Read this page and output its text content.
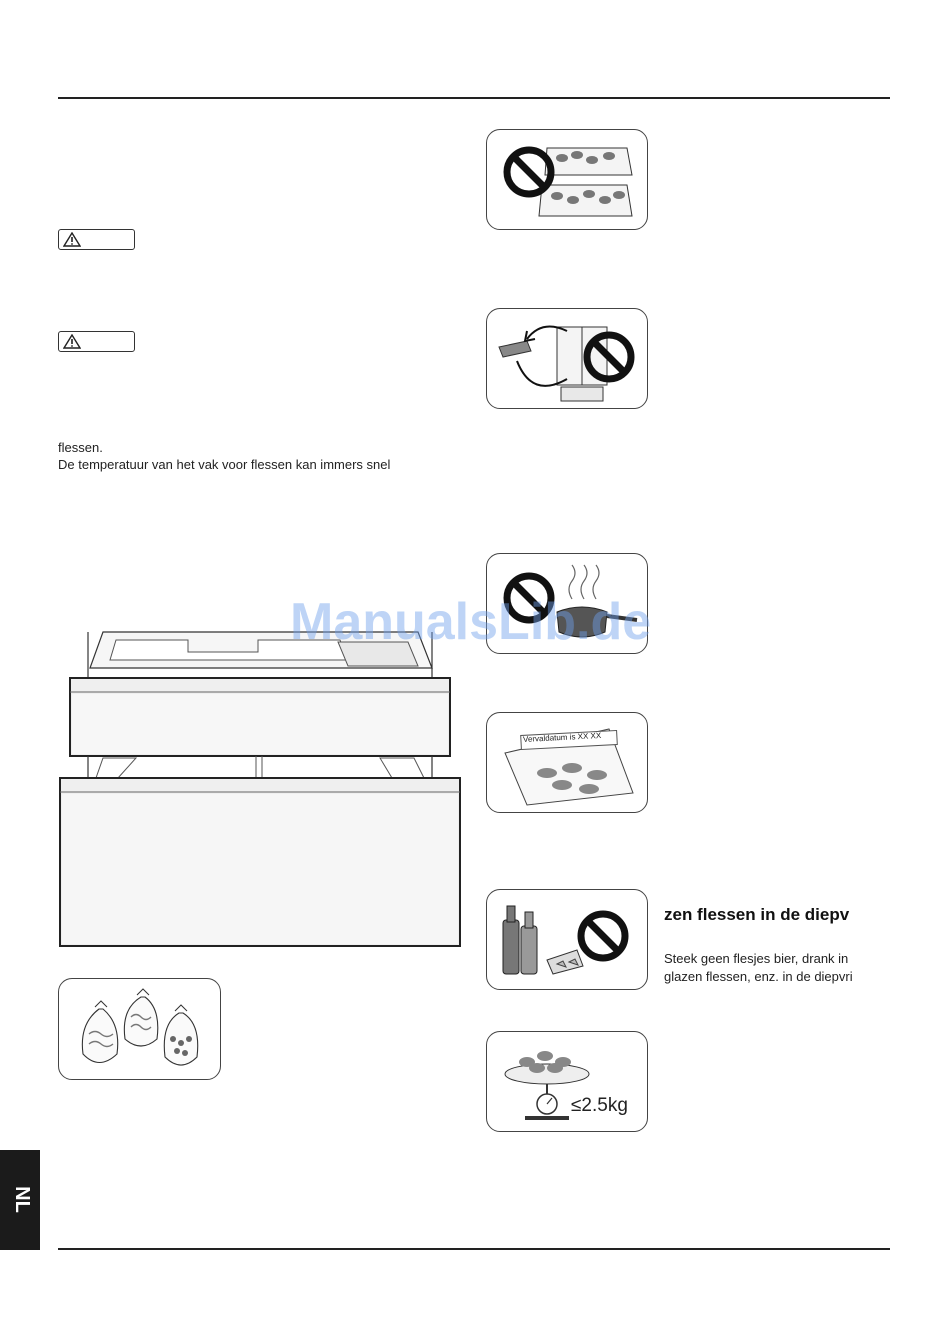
flessen.
De temperatuur van het vak voor flessen kan immers snel
Vervaldatum is XX XX
≤2.5kg
zen flessen in de diepv
Steek geen flesjes bier, drank in
glazen flessen, enz. in de diepvri
ManualsLib.de
NL
